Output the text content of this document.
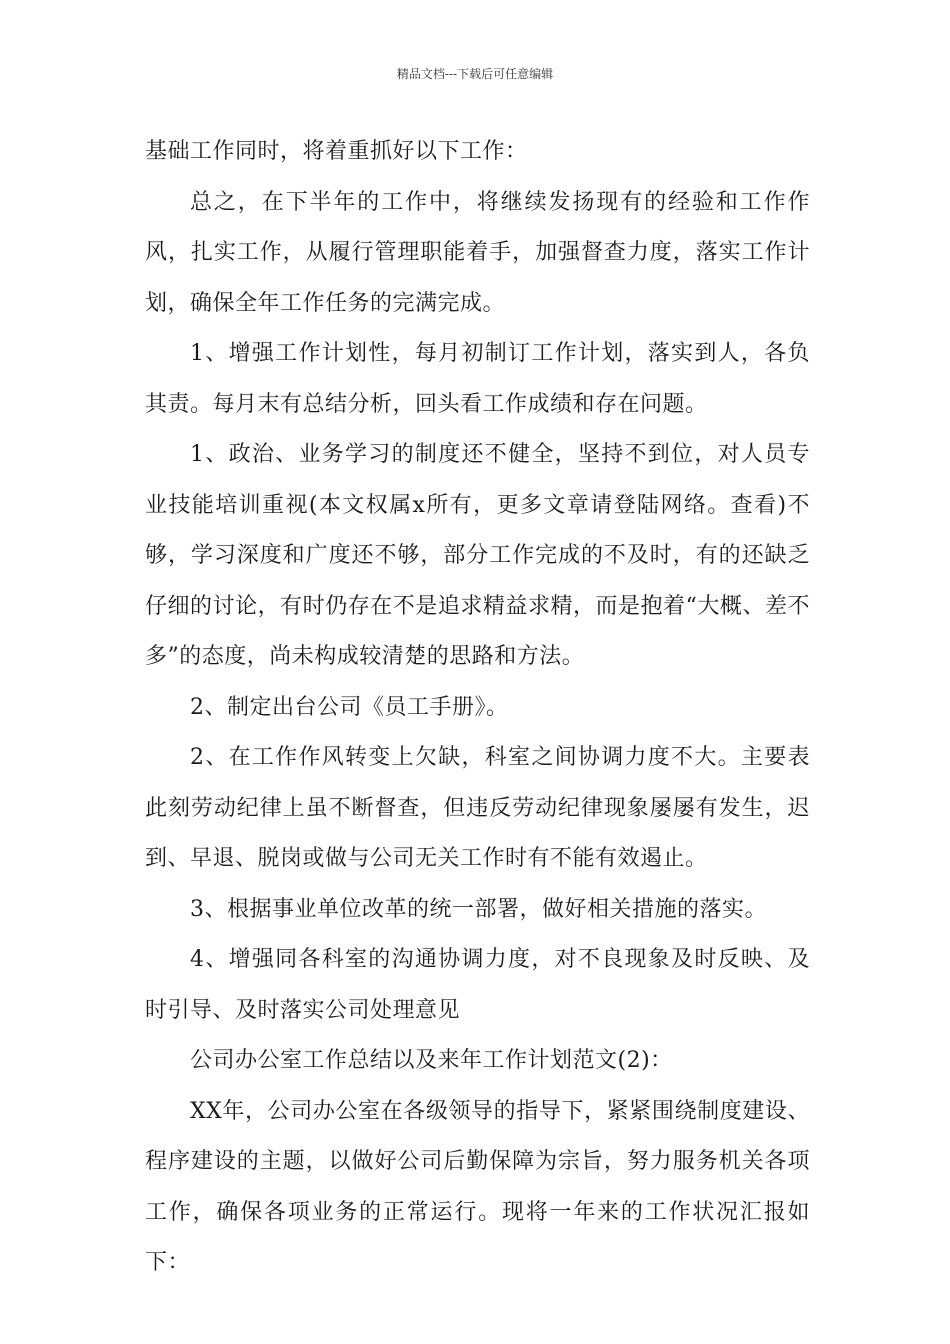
精品文档---下载后可任意编辑

基础工作同时，将着重抓好以下工作：

总之，在下半年的工作中，将继续发扬现有的经验和工作作风，扎实工作，从履行管理职能着手，加强督查力度，落实工作计划，确保全年工作任务的完满完成。

1、增强工作计划性，每月初制订工作计划，落实到人，各负其责。每月末有总结分析，回头看工作成绩和存在问题。

1、政治、业务学习的制度还不健全，坚持不到位，对人员专业技能培训重视(本文权属x所有，更多文章请登陆网络。查看)不够，学习深度和广度还不够，部分工作完成的不及时，有的还缺乏仔细的讨论，有时仍存在不是追求精益求精，而是抱着“大概、差不多”的态度，尚未构成较清楚的思路和方法。

2、制定出台公司《员工手册》。

2、在工作作风转变上欠缺，科室之间协调力度不大。主要表此刻劳动纪律上虽不断督查，但违反劳动纪律现象屡屡有发生，迟到、早退、脱岗或做与公司无关工作时有不能有效遏止。

3、根据事业单位改革的统一部署，做好相关措施的落实。

4、增强同各科室的沟通协调力度，对不良现象及时反映、及时引导、及时落实公司处理意见

公司办公室工作总结以及来年工作计划范文(2)：

XX年，公司办公室在各级领导的指导下，紧紧围绕制度建设、程序建设的主题，以做好公司后勤保障为宗旨，努力服务机关各项工作，确保各项业务的正常运行。现将一年来的工作状况汇报如下：
